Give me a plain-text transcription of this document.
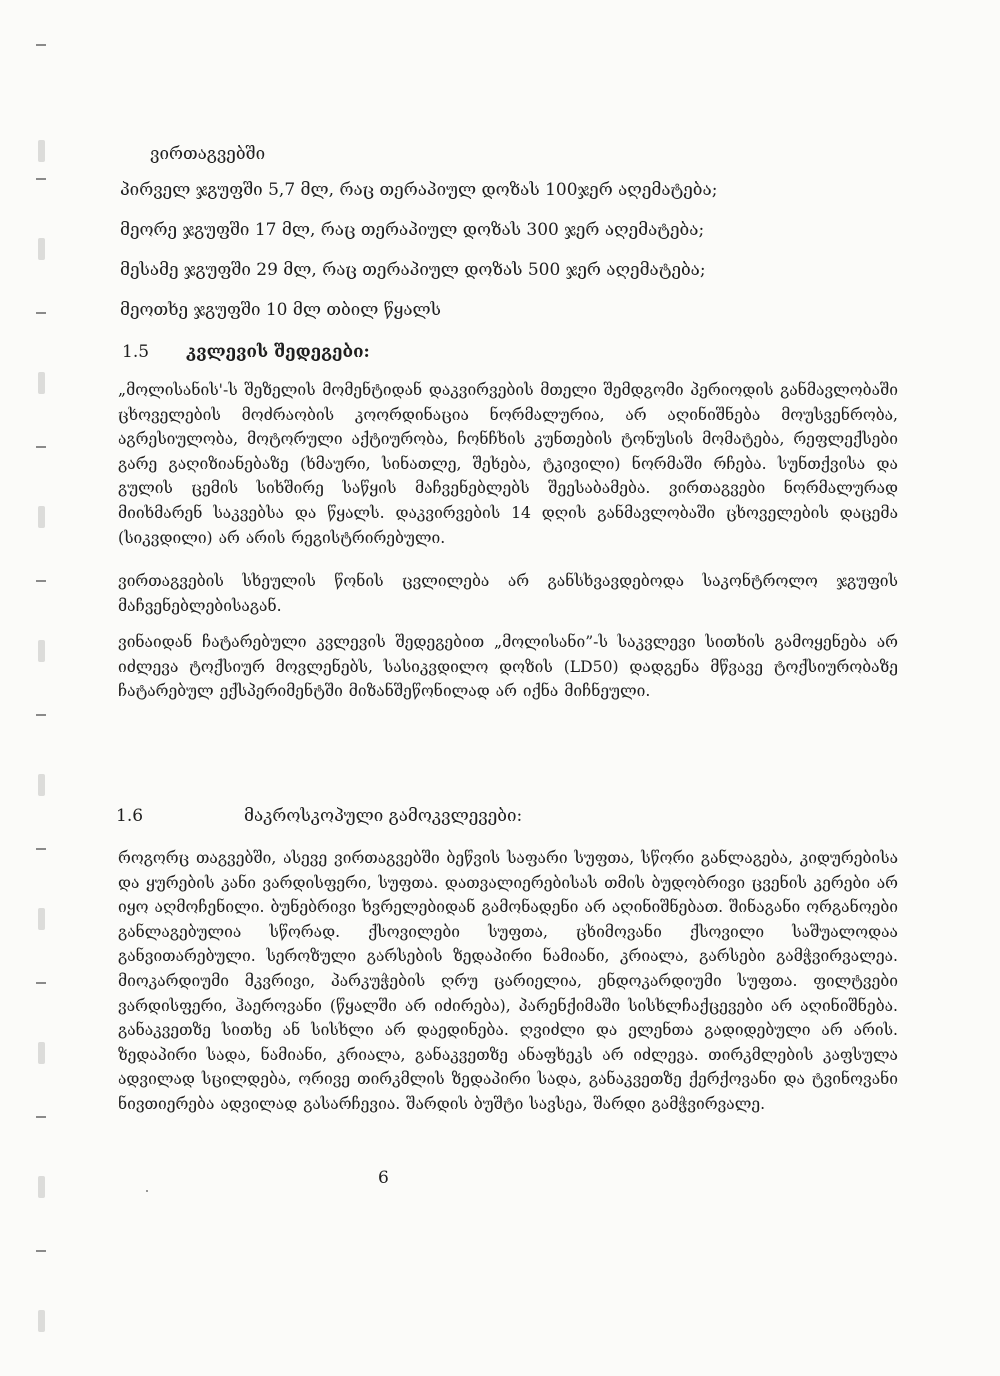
ვირთაგვებში
პირველ ჯგუფში 5,7 მლ, რაც თერაპიულ დოზას 100ჯერ აღემატება;
მეორე ჯგუფში 17 მლ, რაც თერაპიულ დოზას 300 ჯერ აღემატება;
მესამე ჯგუფში 29 მლ, რაც თერაპიულ დოზას 500 ჯერ აღემატება;
მეოთხე ჯგუფში 10 მლ თბილ წყალს
1.5 კვლევის შედეგები:
„მოლისანის'-ს შეზელის მომენტიდან დაკვირვების მთელი შემდგომი პერიოდის განმავლობაში ცხოველების მოძრაობის კოორდინაცია ნორმალურია, არ აღინიშნება მოუსვენრობა, აგრესიულობა, მოტორული აქტიურობა, ჩონჩხის კუნთების ტონუსის მომატება, რეფლექსები გარე გაღიზიანებაზე (ხმაური, სინათლე, შეხება, ტკივილი) ნორმაში რჩება. სუნთქვისა და გულის ცემის სიხშირე საწყის მაჩვენებლებს შეესაბამება. ვირთაგვები ნორმალურად მიიხმარენ საკვებსა და წყალს. დაკვირვების 14 დღის განმავლობაში ცხოველების დაცემა (სიკვდილი) არ არის რეგისტრირებული.
ვირთაგვების სხეულის წონის ცვლილება არ განსხვავდებოდა საკონტროლო ჯგუფის მაჩვენებლებისაგან.
ვინაიდან ჩატარებული კვლევის შედეგებით „მოლისანი”-ს საკვლევი სითხის გამოყენება არ იძლევა ტოქსიურ მოვლენებს, სასიკვდილო დოზის (LD50) დადგენა მწვავე ტოქსიურობაზე ჩატარებულ ექსპერიმენტში მიზანშეწონილად არ იქნა მიჩნეული.
1.6	მაკროსკოპული გამოკვლევები:
როგორც თაგვებში, ასევე ვირთაგვებში ბეწვის საფარი სუფთა, სწორი განლაგება, კიდურებისა და ყურების კანი ვარდისფერი, სუფთა. დათვალიერებისას თმის ბუდობრივი ცვენის კერები არ იყო აღმოჩენილი. ბუნებრივი ხვრელებიდან გამონადენი არ აღინიშნებათ. შინაგანი ორგანოები განლაგებულია სწორად. ქსოვილები სუფთა, ცხიმოვანი ქსოვილი საშუალოდაა განვითარებული. სეროზული გარსების ზედაპირი ნამიანი, კრიალა, გარსები გამჭვირვალეა. მიოკარდიუმი მკვრივი, პარკუჭების ღრუ ცარიელია, ენდოკარდიუმი სუფთა. ფილტვები ვარდისფერი, ჰაეროვანი (წყალში არ იძირება), პარენქიმაში სისხლჩაქცევები არ აღინიშნება. განაკვეთზე სითხე ან სისხლი არ დაედინება. ღვიძლი და ელენთა გადიდებული არ არის. ზედაპირი სადა, ნამიანი, კრიალა, განაკვეთზე ანაფხეკს არ იძლევა. თირკმლების კაფსულა ადვილად სცილდება, ორივე თირკმლის ზედაპირი სადა, განაკვეთზე ქერქოვანი და ტვინოვანი ნივთიერება ადვილად გასარჩევია. შარდის ბუშტი სავსეა, შარდი გამჭვირვალე.
6
